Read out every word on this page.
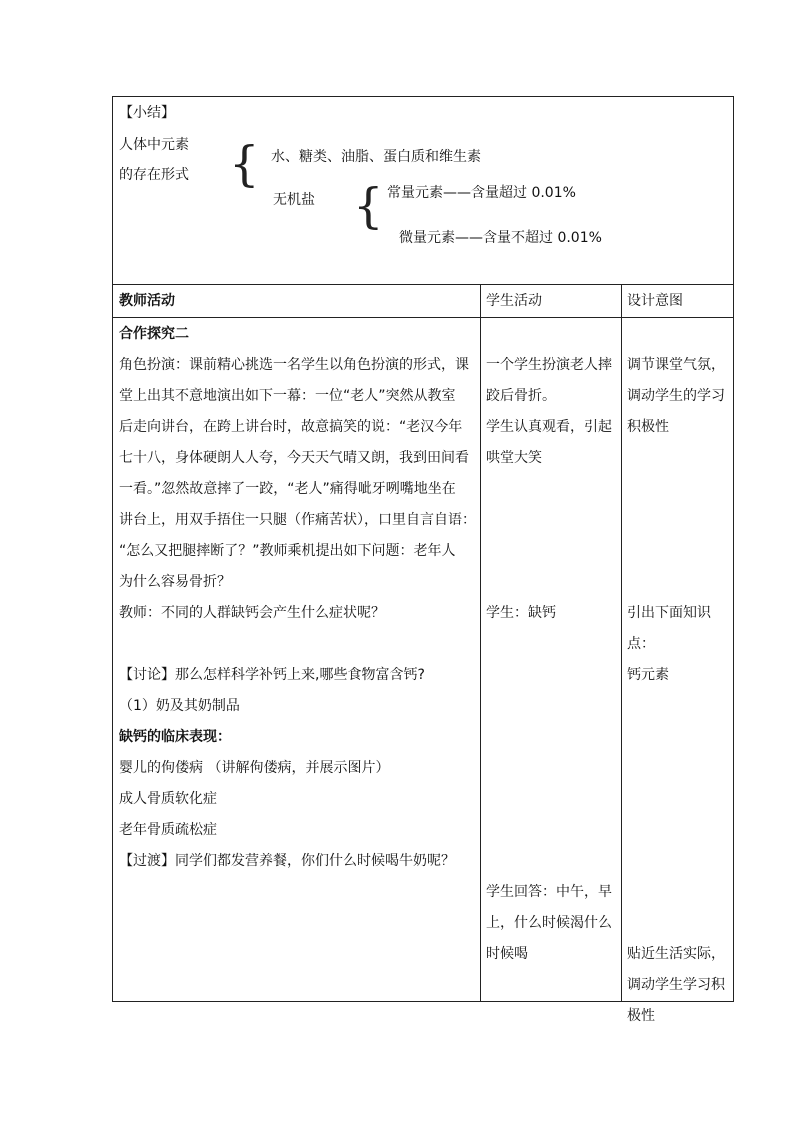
【小结】
人体中元素
的存在形式 { 水、糖类、油脂、蛋白质和维生素
无机盐 { 常量元素——含量超过 0.01%
微量元素——含量不超过 0.01%
教师活动	学生活动	设计意图

合作探究二

角色扮演：课前精心挑选一名学生以角色扮演的形式，课

堂上出其不意地演出如下一幕：一位“老人”突然从教室

后走向讲台，在跨上讲台时，故意搞笑的说：“老汉今年

七十八，身体硬朗人人夸，今天天气晴又朗，我到田间看

一看。”忽然故意摔了一跤，“老人”痛得呲牙咧嘴地坐在

讲台上，用双手捂住一只腿（作痛苦状），口里自言自语：

“怎么又把腿摔断了？”教师乘机提出如下问题：老年人

为什么容易骨折？

教师：不同的人群缺钙会产生什么症状呢？

【讨论】那么怎样科学补钙上来,哪些食物富含钙?

（1）奶及其奶制品

缺钙的临床表现：

婴儿的佝偻病 （讲解佝偻病，并展示图片）

成人骨质软化症

老年骨质疏松症

【过渡】同学们都发营养餐，你们什么时候喝牛奶呢？

一个学生扮演老人摔

跤后骨折。

学生认真观看，引起

哄堂大笑

学生：缺钙

学生回答：中午，早

上，什么时候渴什么

时候喝

调节课堂气氛，

调动学生的学习

积极性

引出下面知识点：

钙元素

贴近生活实际，

调动学生学习积

极性
